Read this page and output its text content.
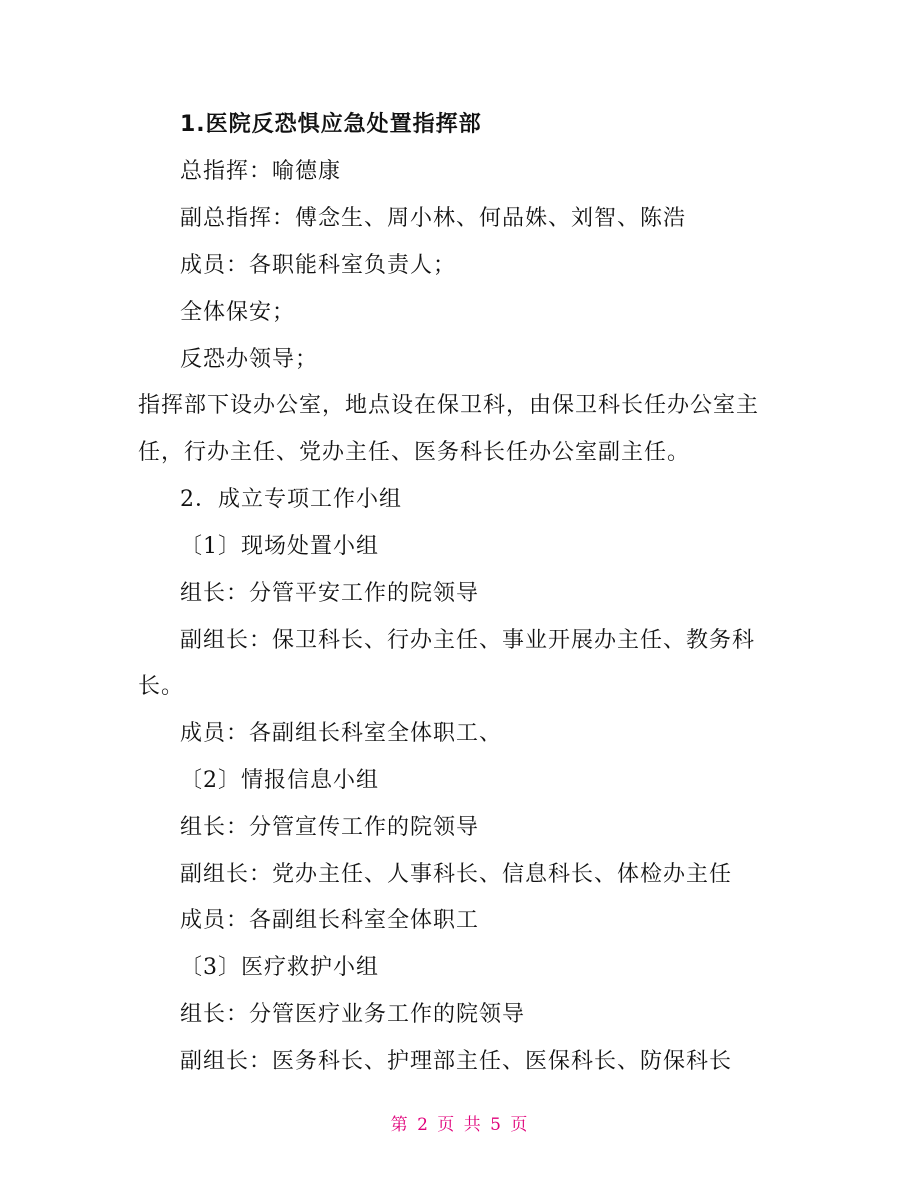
1.医院反恐惧应急处置指挥部
总指挥：喻德康
副总指挥：傅念生、周小林、何品姝、刘智、陈浩
成员：各职能科室负责人；
全体保安；
反恐办领导；
指挥部下设办公室，地点设在保卫科，由保卫科长任办公室主
任，行办主任、党办主任、医务科长任办公室副主任。
2．成立专项工作小组
〔1〕现场处置小组
组长：分管平安工作的院领导
副组长：保卫科长、行办主任、事业开展办主任、教务科
长。
成员：各副组长科室全体职工、
〔2〕情报信息小组
组长：分管宣传工作的院领导
副组长：党办主任、人事科长、信息科长、体检办主任
成员：各副组长科室全体职工
〔3〕医疗救护小组
组长：分管医疗业务工作的院领导
副组长：医务科长、护理部主任、医保科长、防保科长
第 2 页 共 5 页
